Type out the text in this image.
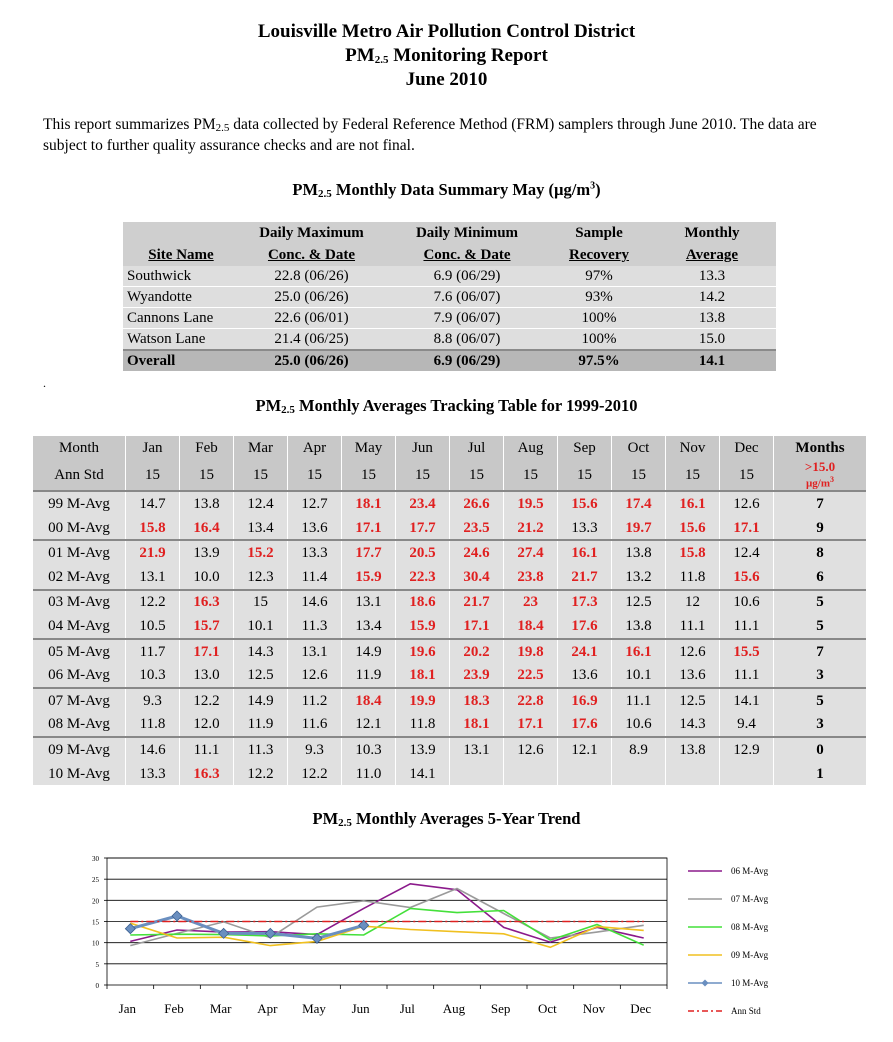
Louisville Metro Air Pollution Control District
$PM_{2.5}$ Monitoring Report
June 2010
This report summarizes $PM_{2.5}$ data collected by Federal Reference Method (FRM) samplers through June 2010. The data are subject to further quality assurance checks and are not final.
$PM_{2.5}$ Monthly Data Summary May $(\mu g/m^3)$
	Daily Maximum	Daily Minimum	Sample	Monthly
Site Name	Conc. & Date	Conc. & Date	Recovery	Average
Southwick	22.8 (06/26)	6.9 (06/29)	97%	13.3
Wyandotte	25.0 (06/26)	7.6 (06/07)	93%	14.2
Cannons Lane	22.6 (06/01)	7.9 (06/07)	100%	13.8
Watson Lane	21.4 (06/25)	8.8 (06/07)	100%	15.0
Overall	25.0 (06/26)	6.9 (06/29)	97.5%	14.1
.
$PM_{2.5}$ Monthly Averages Tracking Table for 1999-2010
Month	Jan	Feb	Mar	Apr	May	Jun	Jul	Aug	Sep	Oct	Nov	Dec	Months
Ann Std	15	15	15	15	15	15	15	15	15	15	15	15	>15.0
$\mu g/m^3$

99 M-Avg	14.7	13.8	12.4	12.7	18.1	23.4	26.6	19.5	15.6	17.4	16.1	12.6	7
00 M-Avg	15.8	16.4	13.4	13.6	17.1	17.7	23.5	21.2	13.3	19.7	15.6	17.1	9
01 M-Avg	21.9	13.9	15.2	13.3	17.7	20.5	24.6	27.4	16.1	13.8	15.8	12.4	8
02 M-Avg	13.1	10.0	12.3	11.4	15.9	22.3	30.4	23.8	21.7	13.2	11.8	15.6	6
03 M-Avg	12.2	16.3	15	14.6	13.1	18.6	21.7	23	17.3	12.5	12	10.6	5
04 M-Avg	10.5	15.7	10.1	11.3	13.4	15.9	17.1	18.4	17.6	13.8	11.1	11.1	5
05 M-Avg	11.7	17.1	14.3	13.1	14.9	19.6	20.2	19.8	24.1	16.1	12.6	15.5	7
06 M-Avg	10.3	13.0	12.5	12.6	11.9	18.1	23.9	22.5	13.6	10.1	13.6	11.1	3
07 M-Avg	9.3	12.2	14.9	11.2	18.4	19.9	18.3	22.8	16.9	11.1	12.5	14.1	5
08 M-Avg	11.8	12.0	11.9	11.6	12.1	11.8	18.1	17.1	17.6	10.6	14.3	9.4	3
09 M-Avg	14.6	11.1	11.3	9.3	10.3	13.9	13.1	12.6	12.1	8.9	13.8	12.9	0
10 M-Avg	13.3	16.3	12.2	12.2	11.0	14.1							1
$PM_{2.5}$ Monthly Averages 5-Year Trend
0
5
10
15
20
25
30
Jan Feb Mar Apr May Jun Jul Aug Sep Oct Nov Dec
06 M-Avg
07 M-Avg
08 M-Avg
09 M-Avg
10 M-Avg
Ann Std
